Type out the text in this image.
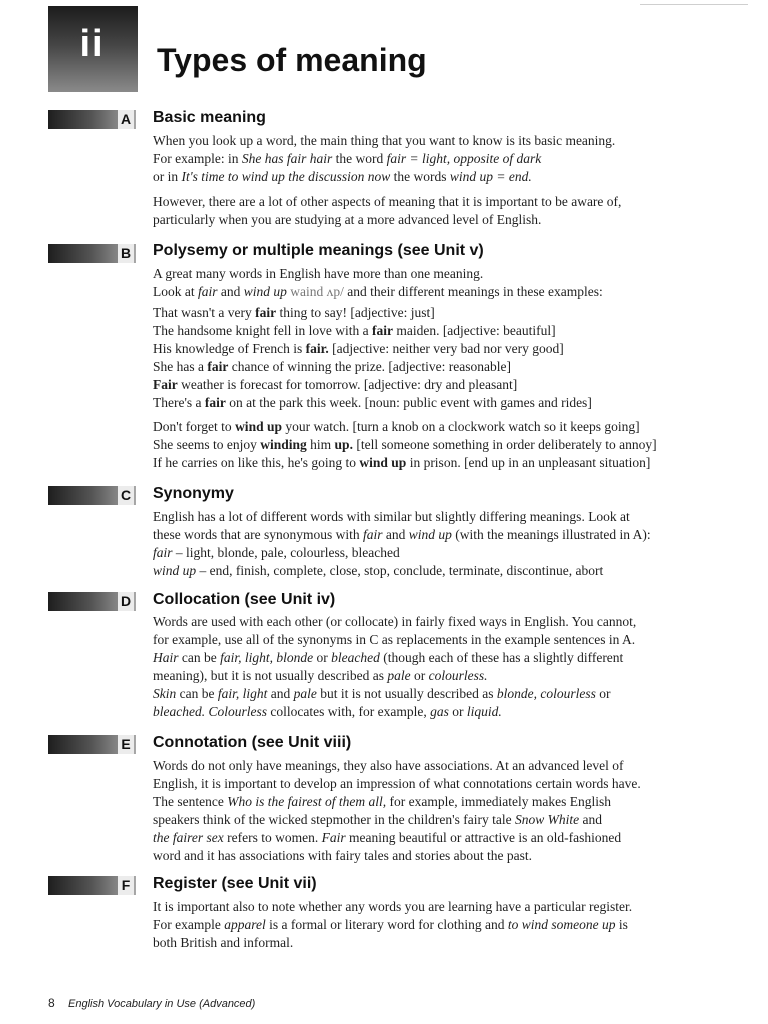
ii	Types of meaning
A Basic meaning
When you look up a word, the main thing that you want to know is its basic meaning.
For example: in She has fair hair the word fair = light, opposite of dark
or in It's time to wind up the discussion now the words wind up = end.
However, there are a lot of other aspects of meaning that it is important to be aware of,
particularly when you are studying at a more advanced level of English.
B Polysemy or multiple meanings (see Unit v)
A great many words in English have more than one meaning.
Look at fair and wind up waind ʌp/ and their different meanings in these examples:
That wasn't a very fair thing to say! [adjective: just]
The handsome knight fell in love with a fair maiden. [adjective: beautiful]
His knowledge of French is fair. [adjective: neither very bad nor very good]
She has a fair chance of winning the prize. [adjective: reasonable]
Fair weather is forecast for tomorrow. [adjective: dry and pleasant]
There's a fair on at the park this week. [noun: public event with games and rides]
Don't forget to wind up your watch. [turn a knob on a clockwork watch so it keeps going]
She seems to enjoy winding him up. [tell someone something in order deliberately to annoy]
If he carries on like this, he's going to wind up in prison. [end up in an unpleasant situation]
C Synonymy
English has a lot of different words with similar but slightly differing meanings. Look at
these words that are synonymous with fair and wind up (with the meanings illustrated in A):
fair – light, blonde, pale, colourless, bleached
wind up – end, finish, complete, close, stop, conclude, terminate, discontinue, abort
D Collocation (see Unit iv)
Words are used with each other (or collocate) in fairly fixed ways in English. You cannot,
for example, use all of the synonyms in C as replacements in the example sentences in A.
Hair can be fair, light, blonde or bleached (though each of these has a slightly different
meaning), but it is not usually described as pale or colourless.
Skin can be fair, light and pale but it is not usually described as blonde, colourless or
bleached. Colourless collocates with, for example, gas or liquid.
E Connotation (see Unit viii)
Words do not only have meanings, they also have associations. At an advanced level of
English, it is important to develop an impression of what connotations certain words have.
The sentence Who is the fairest of them all, for example, immediately makes English
speakers think of the wicked stepmother in the children's fairy tale Snow White and
the fairer sex refers to women. Fair meaning beautiful or attractive is an old-fashioned
word and it has associations with fairy tales and stories about the past.
F Register (see Unit vii)
It is important also to note whether any words you are learning have a particular register.
For example apparel is a formal or literary word for clothing and to wind someone up is
both British and informal.
8 English Vocabulary in Use (Advanced)
